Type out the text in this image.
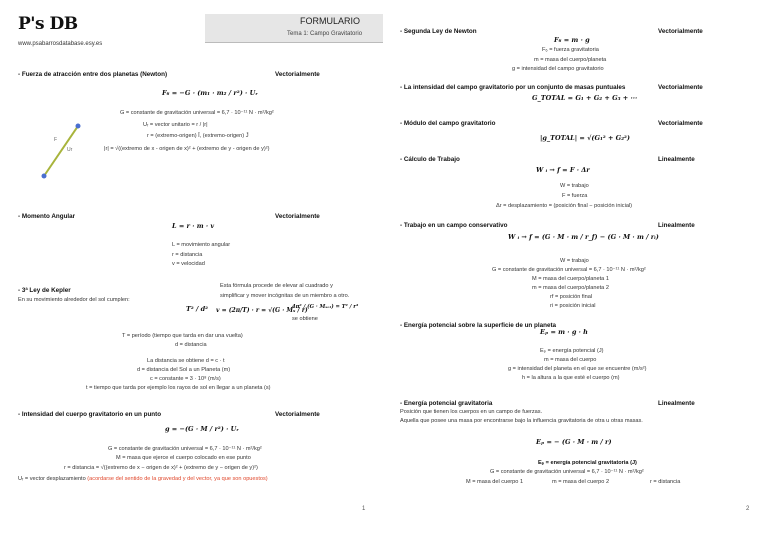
P's DB
www.psabarrosdatabase.esy.es
FORMULARIO
Tema 1: Campo Gravitatorio
- Fuerza de atracción entre dos planetas (Newton)	Vectorialmente
F₆ = −G · (m₁ · m₂ / r²) · Uᵣ
G = constante de gravitación universal = 6,7 · 10⁻¹¹ N · m²/kg²
Uᵣ = vector unitario = r / |r|
r = (extremo-origen) Î, (extremo-origen) Ĵ
|r| = √((extremo de x - origen de x)² + (extremo de y - origen de y)²)
F
Ur
- Momento Angular	Vectorialmente
L = r · m · v
L = movimiento angular
r = distancia
v = velocidad
Esta fórmula procede de elevar al cuadrado y
simplificar y mover incógnitas de un miembro a otro.
- 3ª Ley de Kepler
En su movimiento alrededor del sol cumplen:
T² / d² v = (2π/T) · r = √(G · Mₛ / r)
se obtiene
4π² / (G · Mₛₒₗ) = T² / r³
T = período (tiempo que tarda en dar una vuelta)
d = distancia
La distancia se obtiene d = c · t
d = distancia del Sol a un Planeta (m)
c = constante = 3 · 10⁸ (m/s)
t = tiempo que tarda por ejemplo los rayos de sol en llegar a un planeta (s)
- Intensidad del cuerpo gravitatorio en un punto	Vectorialmente
g = −(G · M / r²) · Uᵣ
G = constante de gravitación universal = 6,7 · 10⁻¹¹ N · m²/kg²
M = masa que ejerce el cuerpo colocado en ese punto
r = distancia = √((extremo de x − origen de x)² + (extremo de y − origen de y)²)
Uᵣ = vector desplazamiento (acordarse del sentido de la gravedad y del vector, ya que son opuestos)
1
- Segunda Ley de Newton	Vectorialmente
F₆ = m · g
F₆ = fuerza gravitatoria
m = masa del cuerpo/planeta
g = intensidad del campo gravitatorio
- La intensidad del campo gravitatorio por un conjunto de masas puntuales	Vectorialmente
G_TOTAL = G₁ + G₂ + G₃ + ···
- Módulo del campo gravitatorio	Vectorialmente
|g_TOTAL| = √(G₁² + G₂²)
- Cálculo de Trabajo	Linealmente
W ᵢ → f = F · Δr
W = trabajo
F = fuerza
Δr = desplazamiento = (posición final − posición inicial)
- Trabajo en un campo conservativo	Linealmente
W ᵢ → f = (G · M · m / r_f) − (G · M · m / rᵢ)
W = trabajo
G = constante de gravitación universal = 6,7 · 10⁻¹¹ N · m²/kg²
M = masa del cuerpo/planeta 1
m = masa del cuerpo/planeta 2
rf = posición final
ri = posición inicial
- Energía potencial sobre la superficie de un planeta
Eₚ = m · g · h
Eₚ = energía potencial (J)
m = masa del cuerpo
g = intensidad del planeta en el que se encuentre (m/s²)
h = la altura a la que esté el cuerpo (m)
- Energía potencial gravitatoria	Linealmente
Posición que tienen los cuerpos en un campo de fuerzas.
Aquella que posee una masa por encontrarse bajo la influencia gravitatoria de otra u otras masas.
Eₚ = − (G · M · m / r)
Eₚ = energía potencial gravitatoria (J)
G = constante de gravitación universal = 6,7 · 10⁻¹¹ N · m²/kg²
M = masa del cuerpo 1	m = masa del cuerpo 2	r = distancia
2
